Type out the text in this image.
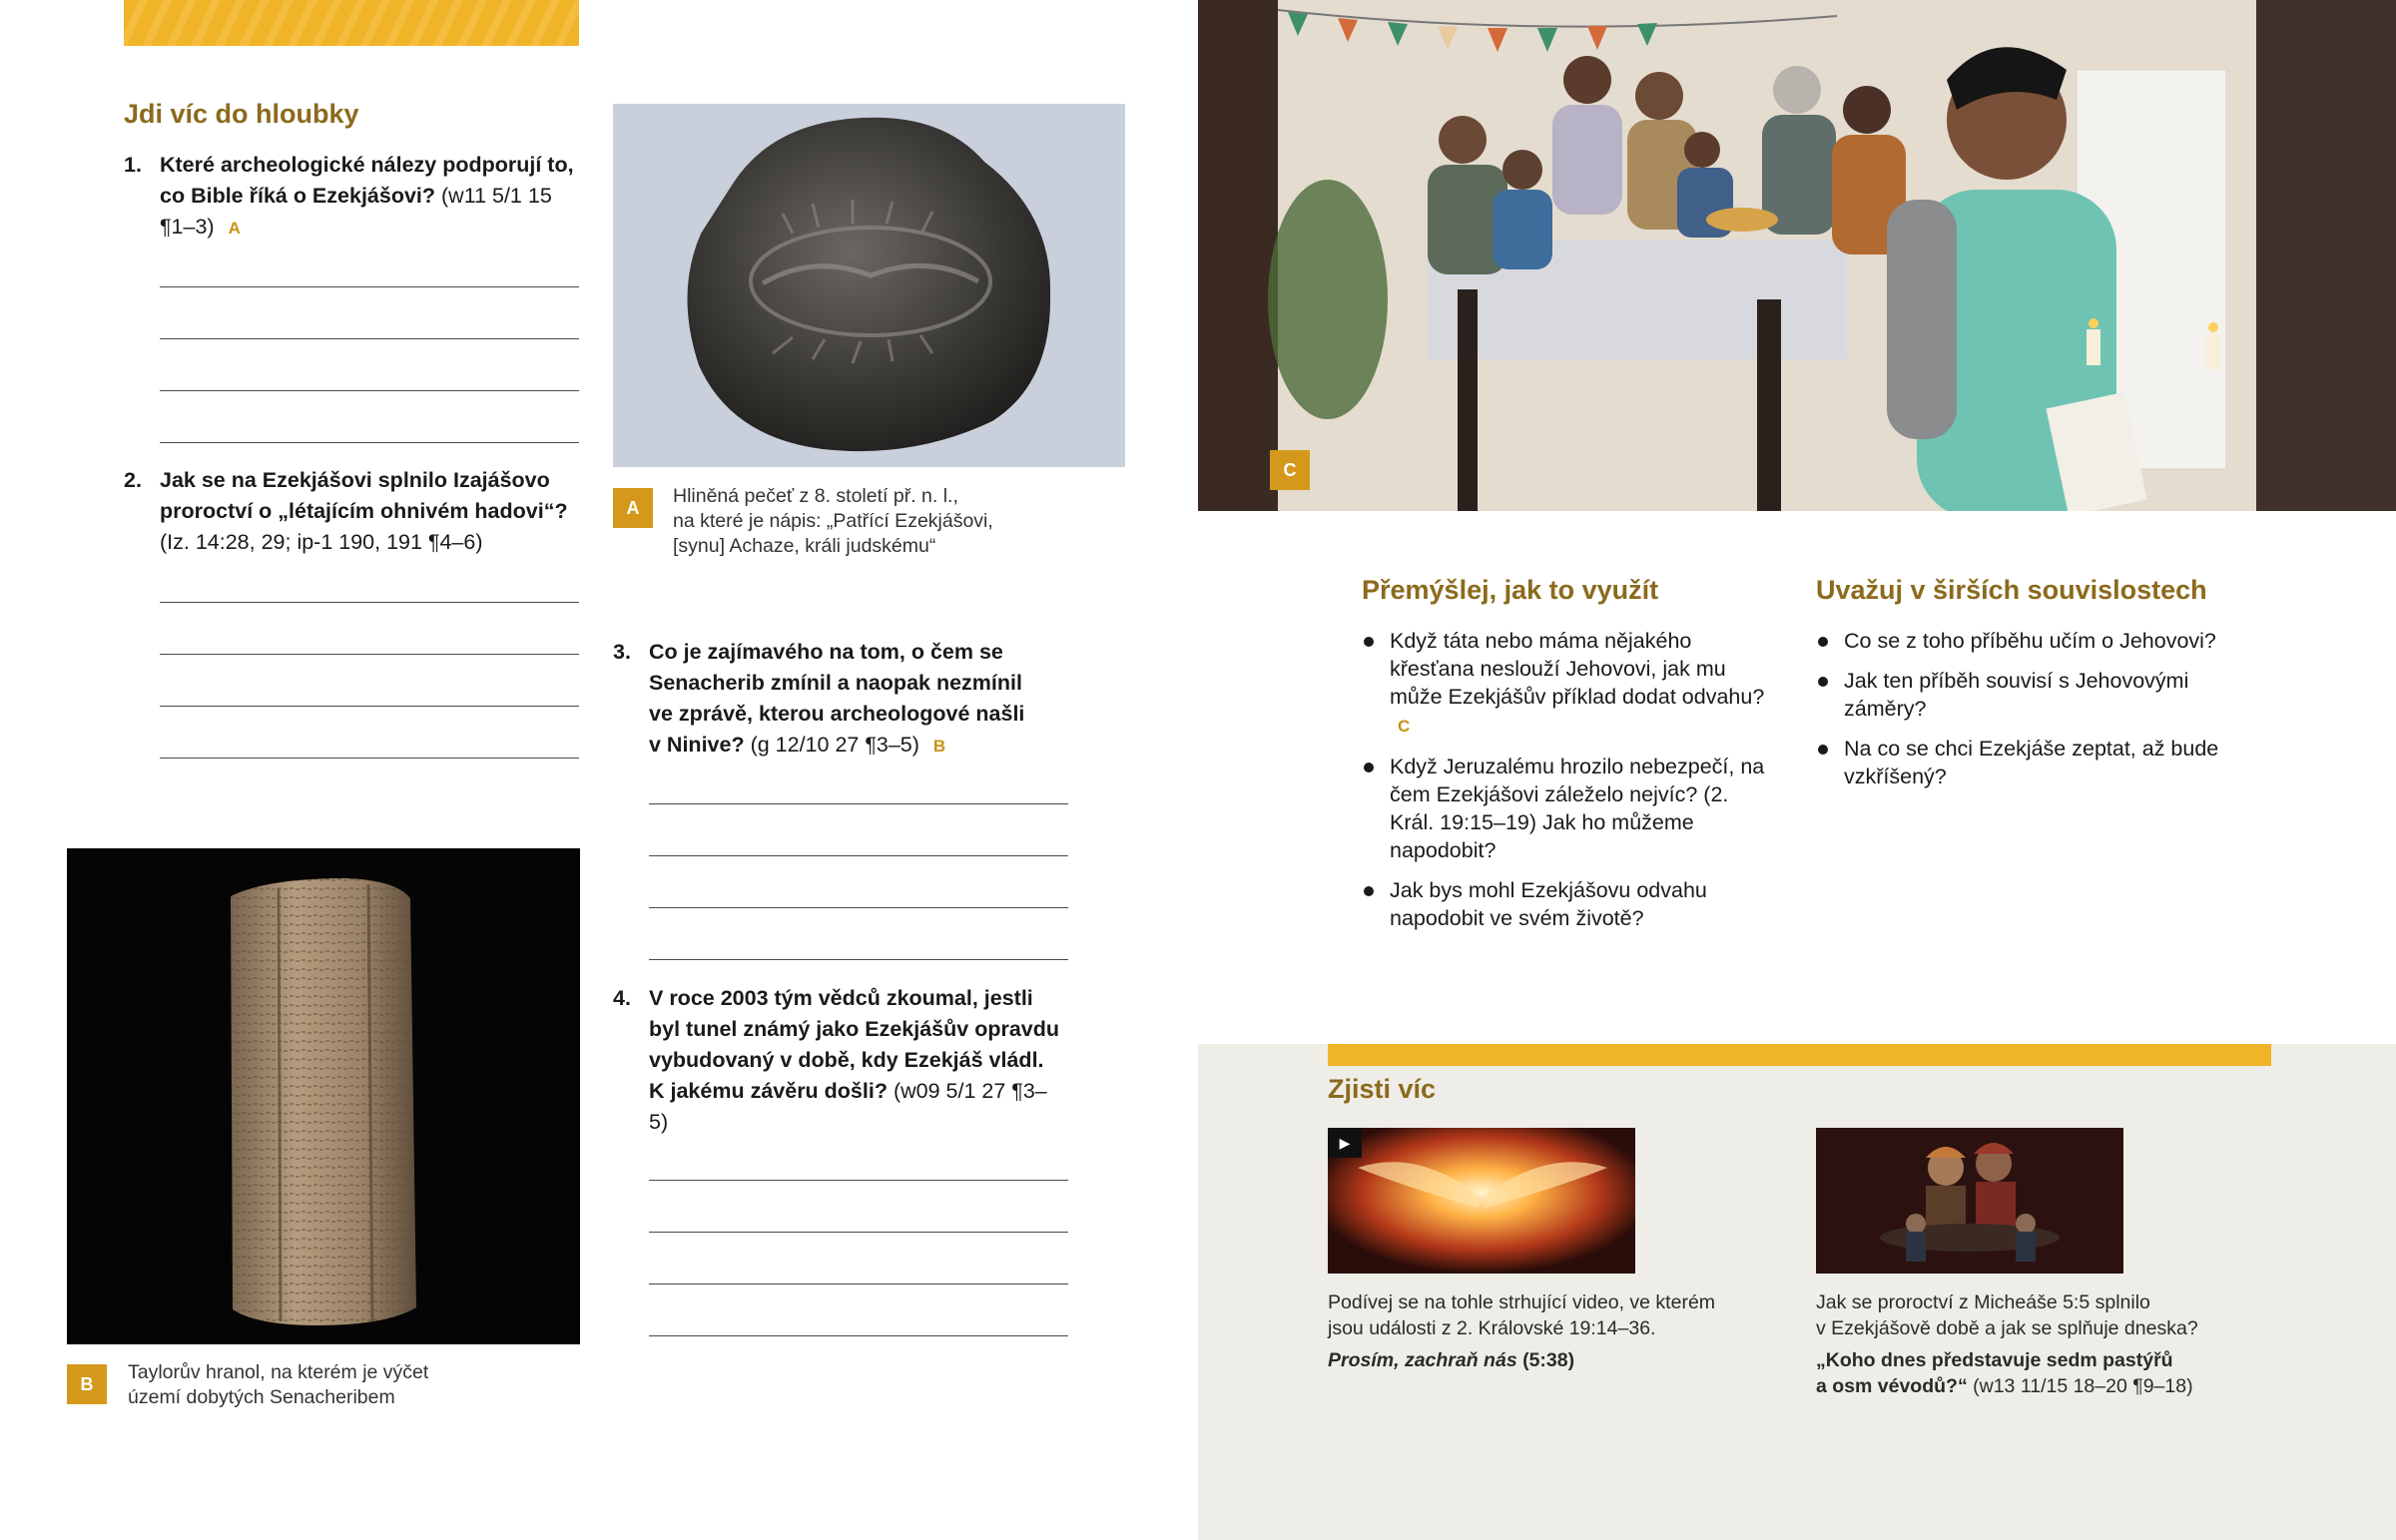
Jdi víc do hloubky
1. Které archeologické nálezy podporují to, co Bible říká o Ezekjášovi? (w11 5/1 15 ¶1–3) A
2. Jak se na Ezekjášovi splnilo Izajášovo proroctví o „létajícím ohnivém hadovi“? (Iz. 14:28, 29; ip-1 190, 191 ¶4–6)
A
Hliněná pečeť z 8. století př. n. l.,
na které je nápis: „Patřící Ezekjášovi,
[synu] Achaze, králi judskému“
3. Co je zajímavého na tom, o čem se Senacherib zmínil a naopak nezmínil ve zprávě, kterou archeologové našli v Ninive? (g 12/10 27 ¶3–5) B
4. V roce 2003 tým vědců zkoumal, jestli byl tunel známý jako Ezekjášův opravdu vybudovaný v době, kdy Ezekjáš vládl. K jakému závěru došli? (w09 5/1 27 ¶3–5)
B
Taylorův hranol, na kterém je výčet
území dobytých Senacheribem
C
Přemýšlej, jak to využít
Když táta nebo máma nějakého křesťana neslouží Jehovovi, jak mu může Ezekjášův příklad dodat odvahu?C
Když Jeruzalému hrozilo nebezpečí, na čem Ezekjášovi záleželo nejvíc? (2. Král. 19:15–19) Jak ho můžeme napodobit?
Jak bys mohl Ezekjášovu odvahu napodobit ve svém životě?
Uvažuj v širších souvislostech
Co se z toho příběhu učím o Jehovovi?
Jak ten příběh souvisí s Jehovovými záměry?
Na co se chci Ezekjáše zeptat, až bude vzkříšený?
Zjisti víc
▶
Podívej se na tohle strhující video, ve kterém
jsou události z 2. Královské 19:14–36.
Prosím, zachraň nás (5:38)
Jak se proroctví z Micheáše 5:5 splnilo
v Ezekjášově době a jak se splňuje dneska?
„Koho dnes představuje sedm pastýřů
a osm vévodů?“ (w13 11/15 18–20 ¶9–18)
